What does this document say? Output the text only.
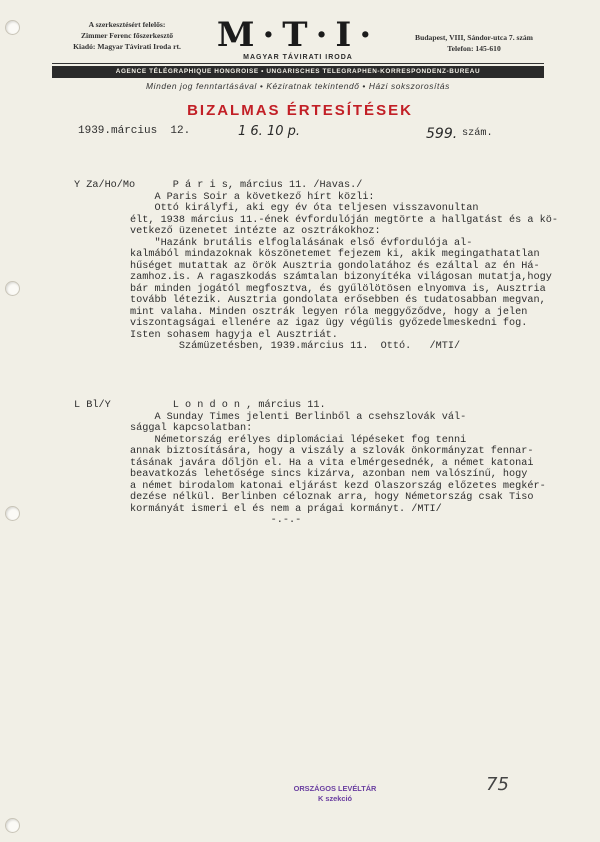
A szerkesztésért felelős:
Zimmer Ferenc főszerkesztő
Kiadó: Magyar Távirati Iroda rt.	M·T·I·
MAGYAR TÁVIRATI IRODA
Budapest, VIII, Sándor-utca 7. szám
Telefon: 145-610
AGENCE TÉLÉGRAPHIQUE HONGROISE • UNGARISCHES TELEGRAPHEN-KORRESPONDENZ-BUREAU
Minden jog fenntartásával • Kéziratnak tekintendő • Házi sokszorosítás
BIZALMAS ÉRTESÍTÉSEK
1939.március  12.	1 6. 10 p.	599. szám.
Y Za/Ho/Mo
P á r i s, március 11. /Havas./
A Paris Soir a következő hírt közli:
Ottó királyfi, aki egy év óta teljesen visszavonultan
élt, 1938 március 11.-ének évfordulóján megtörte a hallgatást és a kö-
vetkező üzenetet intézte az osztrákokhoz:
"Hazánk brutális elfoglalásának első évfordulója al-
kalmából mindazoknak köszönetemet fejezem ki, akik megingathatatlan
hűséget mutattak az örök Ausztria gondolatához és ezáltal az én Há-
zamhoz.is. A ragaszkodás számtalan bizonyítéka világosan mutatja,hogy
bár minden jogától megfosztva, és gyűlölötösen elnyomva is, Ausztria
tovább létezik. Ausztria gondolata erősebben és tudatosabban megvan,
mint valaha. Minden osztrák legyen róla meggyőződve, hogy a jelen
viszontagságai ellenére az igaz ügy végülis győzedelmeskedni fog.
Isten sohasem hagyja el Ausztriát.
Számüzetésben, 1939.március 11.  Ottó.   /MTI/
L Bl/Y L o n d o n , március 11.
A Sunday Times jelenti Berlinből a csehszlovák vál-
sággal kapcsolatban:
Németország erélyes diplomáciai lépéseket fog tenni
annak biztosítására, hogy a viszály a szlovák önkormányzat fennar-
tásának javára dőljön el. Ha a vita elmérgesednék, a német katonai
beavatkozás lehetősége sincs kizárva, azonban nem valószínű, hogy
a német birodalom katonai eljárást kezd Olaszország előzetes megkér-
dezése nélkül. Berlinben céloznak arra, hogy Németország csak Tiso
kormányát ismeri el és nem a prágai kormányt. /MTI/
-.-.-
75
ORSZÁGOS LEVÉLTÁR
K szekció
